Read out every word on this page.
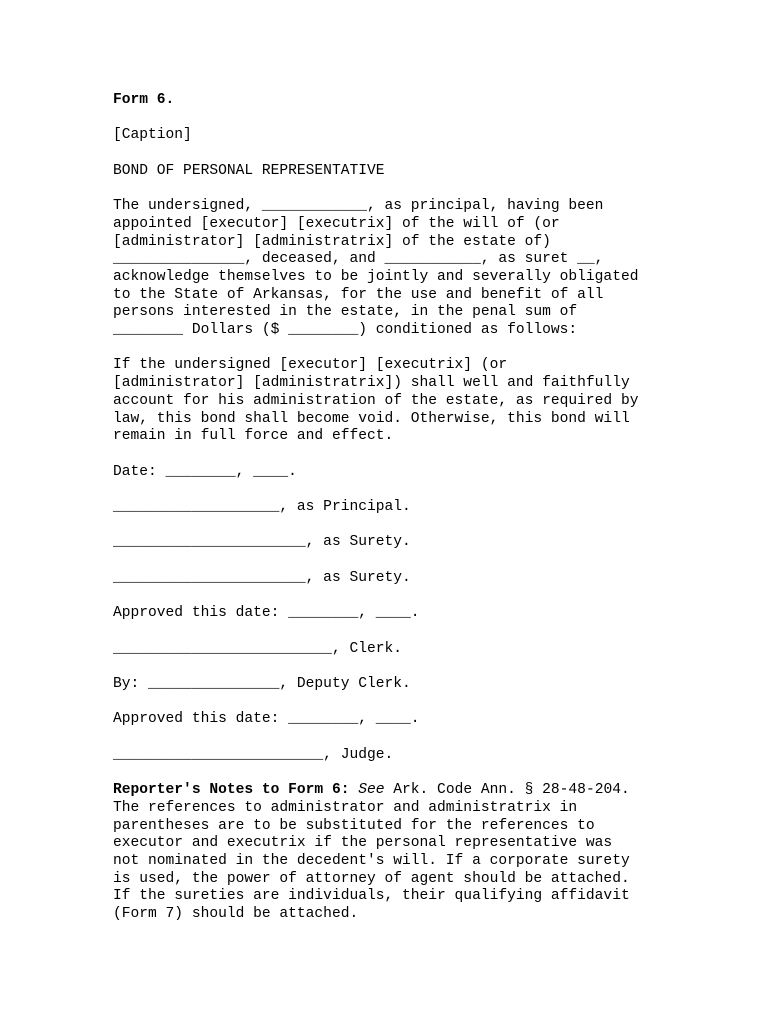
Form 6.

[Caption]

BOND OF PERSONAL REPRESENTATIVE

The undersigned, ____________, as principal, having been
appointed [executor] [executrix] of the will of (or
[administrator] [administratrix] of the estate of)
_______________, deceased, and ___________, as suret __,
acknowledge themselves to be jointly and severally obligated
to the State of Arkansas, for the use and benefit of all
persons interested in the estate, in the penal sum of
________ Dollars ($ ________) conditioned as follows:

If the undersigned [executor] [executrix] (or
[administrator] [administratrix]) shall well and faithfully
account for his administration of the estate, as required by
law, this bond shall become void. Otherwise, this bond will
remain in full force and effect.

Date: ________, ____.

___________________, as Principal.

______________________, as Surety.

______________________, as Surety.

Approved this date: ________, ____.

_________________________, Clerk.

By: _______________, Deputy Clerk.

Approved this date: ________, ____.

________________________, Judge.

Reporter's Notes to Form 6: See Ark. Code Ann. § 28-48-204.
The references to administrator and administratrix in
parentheses are to be substituted for the references to
executor and executrix if the personal representative was
not nominated in the decedent's will. If a corporate surety
is used, the power of attorney of agent should be attached.
If the sureties are individuals, their qualifying affidavit
(Form 7) should be attached.
